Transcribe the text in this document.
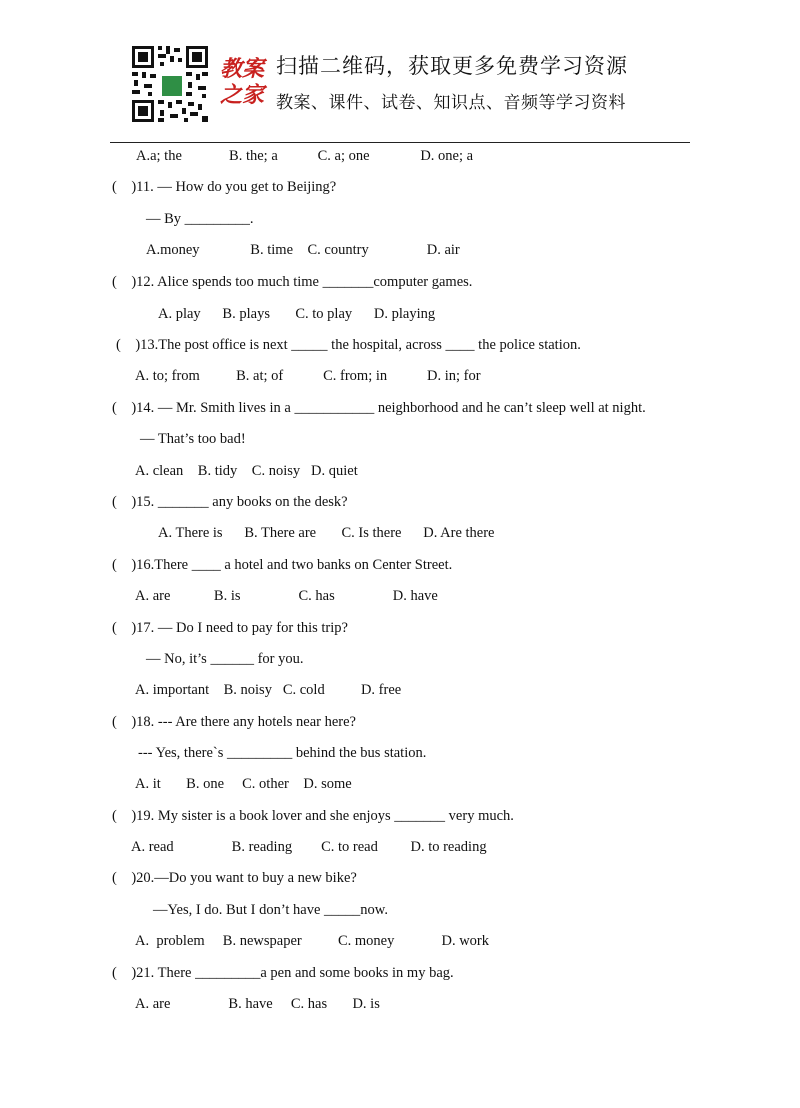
教案
之家
扫描二维码，获取更多免费学习资源
教案、课件、试卷、知识点、音频等学习资料
A.a; the             B. the; a           C. a; one              D. one; a
(    )11. — How do you get to Beijing?
— By _________.
A.money              B. time    C. country                D. air
(    )12. Alice spends too much time _______computer games.
A. play      B. plays       C. to play      D. playing
(    )13.The post office is next _____ the hospital, across ____ the police station.
A. to; from          B. at; of           C. from; in           D. in; for
(    )14. — Mr. Smith lives in a ___________ neighborhood and he can’t sleep well at night.
— That’s too bad!
A. clean    B. tidy    C. noisy   D. quiet
(    )15. _______ any books on the desk?
A. There is      B. There are       C. Is there      D. Are there
(    )16.There ____ a hotel and two banks on Center Street.
A. are            B. is                C. has                D. have
(    )17. — Do I need to pay for this trip?
— No, it’s ______ for you.
A. important    B. noisy   C. cold          D. free
(    )18. --- Are there any hotels near here?
--- Yes, there`s _________ behind the bus station.
A. it       B. one     C. other    D. some
(    )19. My sister is a book lover and she enjoys _______ very much.
A. read                B. reading        C. to read         D. to reading
(    )20.—Do you want to buy a new bike?
—Yes, I do. But I don’t have _____now.
A.  problem     B. newspaper          C. money             D. work
(    )21. There _________a pen and some books in my bag.
A. are                B. have     C. has       D. is
